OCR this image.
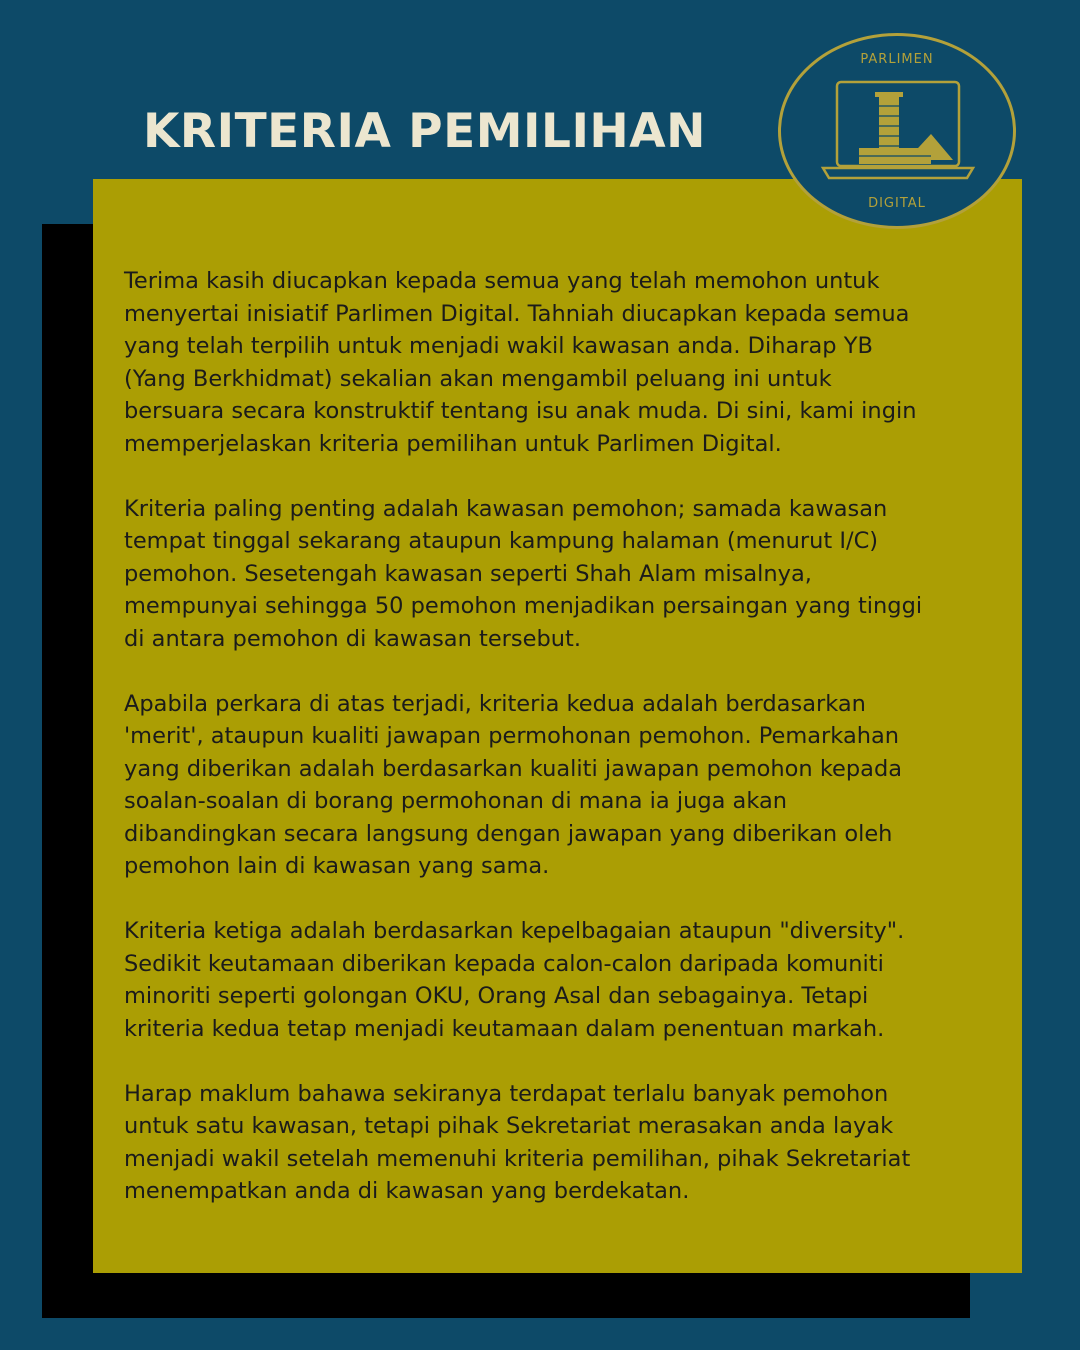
KRITERIA PEMILIHAN
PARLIMEN
DIGITAL
Terima kasih diucapkan kepada semua yang telah memohon untuk
menyertai inisiatif Parlimen Digital. Tahniah diucapkan kepada semua
yang telah terpilih untuk menjadi wakil kawasan anda. Diharap YB
(Yang Berkhidmat) sekalian akan mengambil peluang ini untuk
bersuara secara konstruktif tentang isu anak muda. Di sini, kami ingin
memperjelaskan kriteria pemilihan untuk Parlimen Digital.
Kriteria paling penting adalah kawasan pemohon; samada kawasan
tempat tinggal sekarang ataupun kampung halaman (menurut I/C)
pemohon. Sesetengah kawasan seperti Shah Alam misalnya,
mempunyai sehingga 50 pemohon menjadikan persaingan yang tinggi
di antara pemohon di kawasan tersebut.
Apabila perkara di atas terjadi, kriteria kedua adalah berdasarkan
'merit', ataupun kualiti jawapan permohonan pemohon. Pemarkahan
yang diberikan adalah berdasarkan kualiti jawapan pemohon kepada
soalan-soalan di borang permohonan di mana ia juga akan
dibandingkan secara langsung dengan jawapan yang diberikan oleh
pemohon lain di kawasan yang sama.
Kriteria ketiga adalah berdasarkan kepelbagaian ataupun "diversity".
Sedikit keutamaan diberikan kepada calon-calon daripada komuniti
minoriti seperti golongan OKU, Orang Asal dan sebagainya. Tetapi
kriteria kedua tetap menjadi keutamaan dalam penentuan markah.
Harap maklum bahawa sekiranya terdapat terlalu banyak pemohon
untuk satu kawasan, tetapi pihak Sekretariat merasakan anda layak
menjadi wakil setelah memenuhi kriteria pemilihan, pihak Sekretariat
menempatkan anda di kawasan yang berdekatan.
